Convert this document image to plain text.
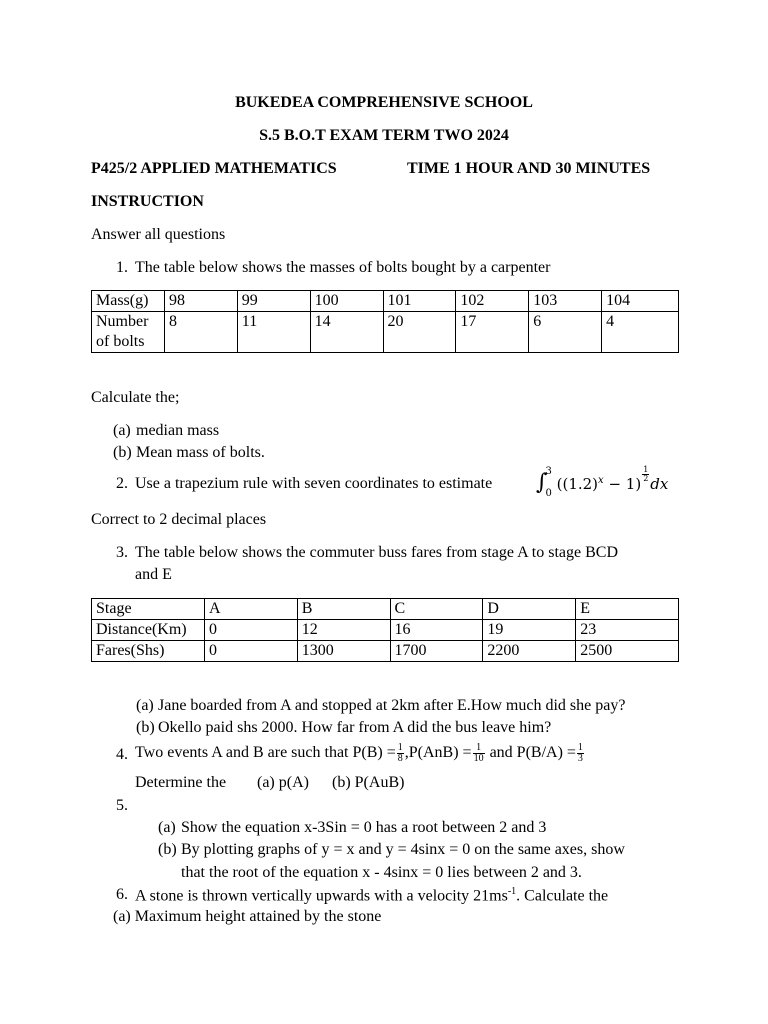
BUKEDEA COMPREHENSIVE SCHOOL
S.5 B.O.T EXAM TERM TWO 2024
P425/2 APPLIED MATHEMATICS	TIME 1 HOUR AND 30 MINUTES
INSTRUCTION
Answer all questions
1. The table below shows the masses of bolts bought by a carpenter
Mass(g)	98	99	100	101	102	103	104
Number
of bolts	8	11	14	20	17	6	4
Calculate the;
(a) median mass
(b) Mean mass of bolts.
2. Use a trapezium rule with seven coordinates to estimate ∫3

0 $((1.2)^x - 1)$
$\frac{1}{2}$
dx
Correct to 2 decimal places
3. The table below shows the commuter buss fares from stage A to stage BCD
and E
Stage	A	B	C	D	E
Distance(Km)	0	12	16	19	23
Fares(Shs)	0	1300	1700	2200	2500
(a) Jane boarded from A and stopped at 2km after E.How much did she pay?
(b) Okello paid shs 2000. How far from A did the bus leave him?
4. Two events A and B are such that $P(B) = \frac{1}{8} ,P(AnB) = \frac{1}{10}$ and $P(B/A) = \frac{1}{3}$
Determine the (a) p(A) (b) P(AuB)
5.
(a) Show the equation x-3Sin = 0 has a root between 2 and 3
(b) By plotting graphs of y = x and y = 4sinx = 0 on the same axes, show
that the root of the equation x - 4sinx = 0 lies between 2 and 3.
6. A stone is thrown vertically upwards with a velocity $21ms^{-1}$. Calculate the
(a) Maximum height attained by the stone
